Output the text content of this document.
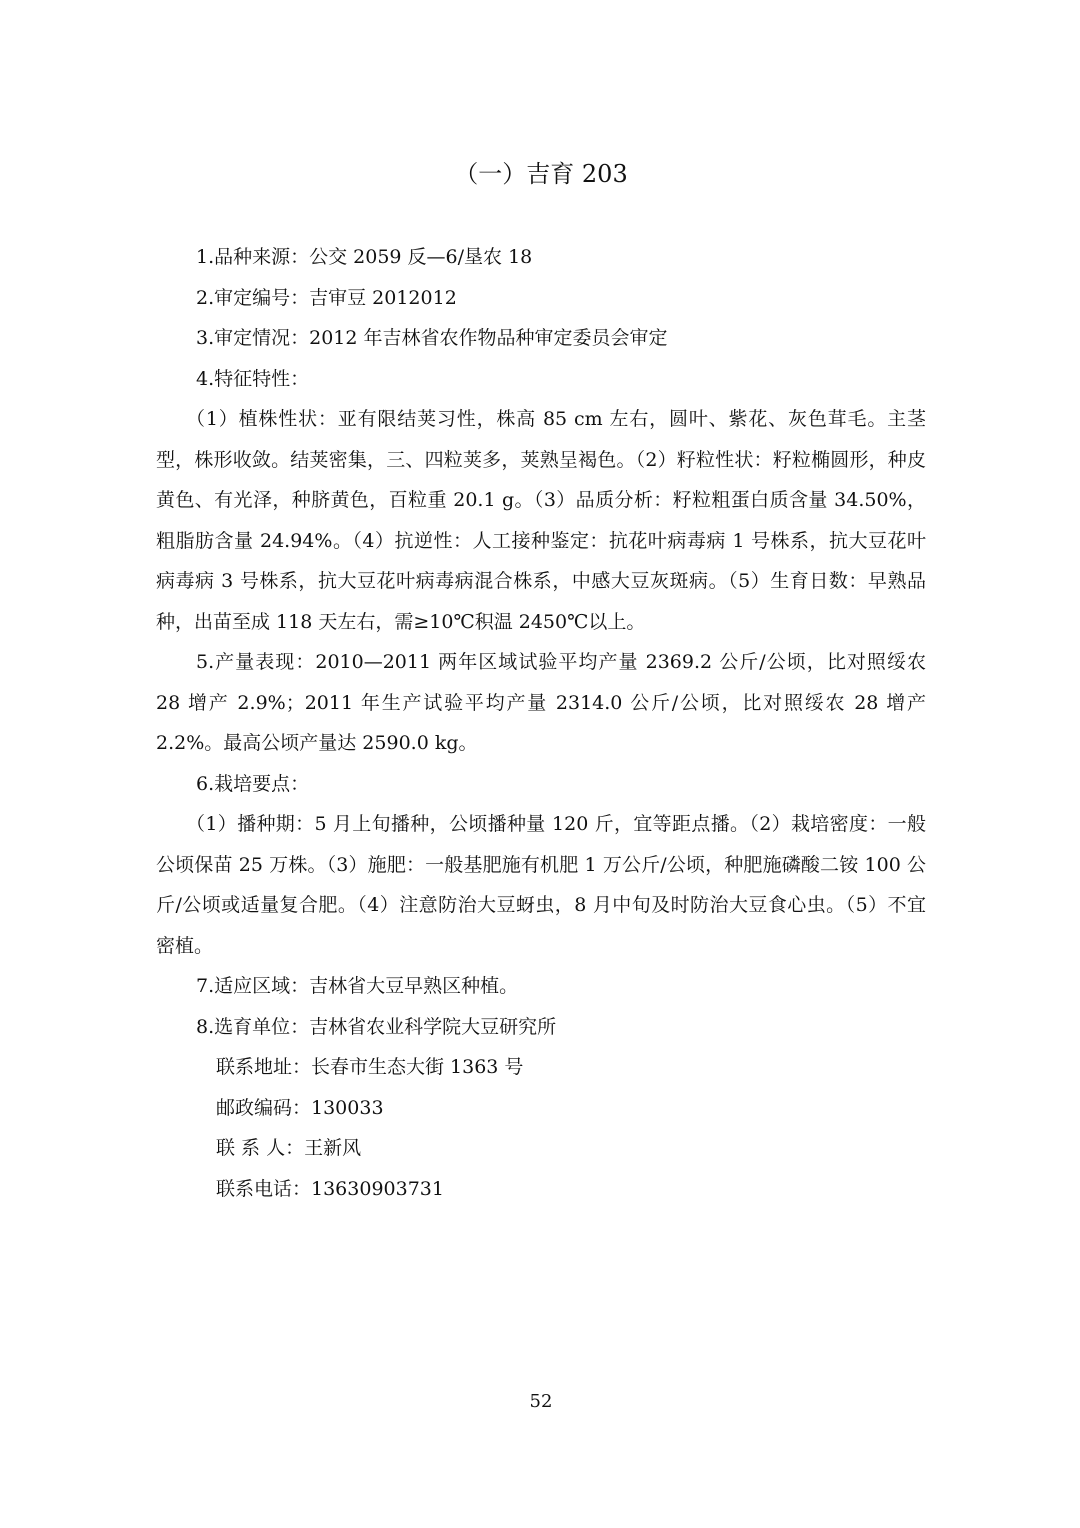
（一）吉育 203

1.品种来源：公交 2059 反—6/垦农 18

2.审定编号：吉审豆 2012012

3.审定情况：2012 年吉林省农作物品种审定委员会审定

4.特征特性：

（1）植株性状：亚有限结荚习性，株高 85 cm 左右，圆叶、紫花、灰色茸毛。主茎型，株形收敛。结荚密集，三、四粒荚多，荚熟呈褐色。（2）籽粒性状：籽粒椭圆形，种皮黄色、有光泽，种脐黄色，百粒重 20.1 g。（3）品质分析：籽粒粗蛋白质含量 34.50%，粗脂肪含量 24.94%。（4）抗逆性：人工接种鉴定：抗花叶病毒病 1 号株系，抗大豆花叶病毒病 3 号株系，抗大豆花叶病毒病混合株系，中感大豆灰斑病。（5）生育日数：早熟品种，出苗至成 118 天左右，需≥10℃积温 2450℃以上。

5.产量表现：2010—2011 两年区域试验平均产量 2369.2 公斤/公顷，比对照绥农 28 增产 2.9%；2011 年生产试验平均产量 2314.0 公斤/公顷，比对照绥农 28 增产 2.2%。最高公顷产量达 2590.0 kg。

6.栽培要点：

（1）播种期：5 月上旬播种，公顷播种量 120 斤，宜等距点播。（2）栽培密度：一般公顷保苗 25 万株。（3）施肥：一般基肥施有机肥 1 万公斤/公顷，种肥施磷酸二铵 100 公斤/公顷或适量复合肥。（4）注意防治大豆蚜虫，8 月中旬及时防治大豆食心虫。（5）不宜密植。

7.适应区域：吉林省大豆早熟区种植。

8.选育单位：吉林省农业科学院大豆研究所

联系地址：长春市生态大街 1363 号

邮政编码：130033

联 系 人：王新风

联系电话：13630903731

52
